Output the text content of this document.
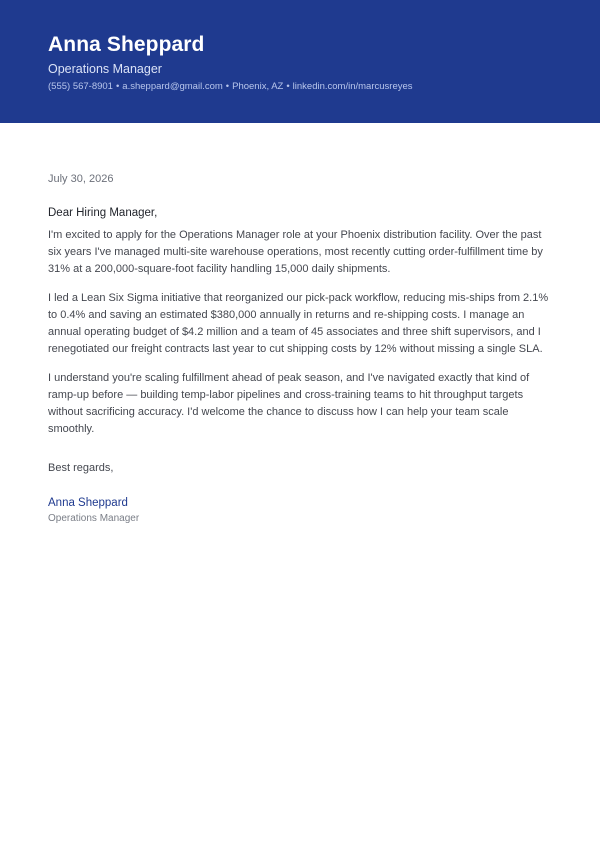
Anna Sheppard

Operations Manager

(555) 567-8901 • a.sheppard@gmail.com • Phoenix, AZ • linkedin.com/in/marcusreyes

July 30, 2026

Dear Hiring Manager,

I'm excited to apply for the Operations Manager role at your Phoenix distribution facility. Over the past six years I've managed multi-site warehouse operations, most recently cutting order-fulfillment time by 31% at a 200,000-square-foot facility handling 15,000 daily shipments.

I led a Lean Six Sigma initiative that reorganized our pick-pack workflow, reducing mis-ships from 2.1% to 0.4% and saving an estimated $380,000 annually in returns and re-shipping costs. I manage an annual operating budget of $4.2 million and a team of 45 associates and three shift supervisors, and I renegotiated our freight contracts last year to cut shipping costs by 12% without missing a single SLA.

I understand you're scaling fulfillment ahead of peak season, and I've navigated exactly that kind of ramp-up before — building temp-labor pipelines and cross-training teams to hit throughput targets without sacrificing accuracy. I'd welcome the chance to discuss how I can help your team scale smoothly.

Best regards,

Anna Sheppard

Operations Manager
